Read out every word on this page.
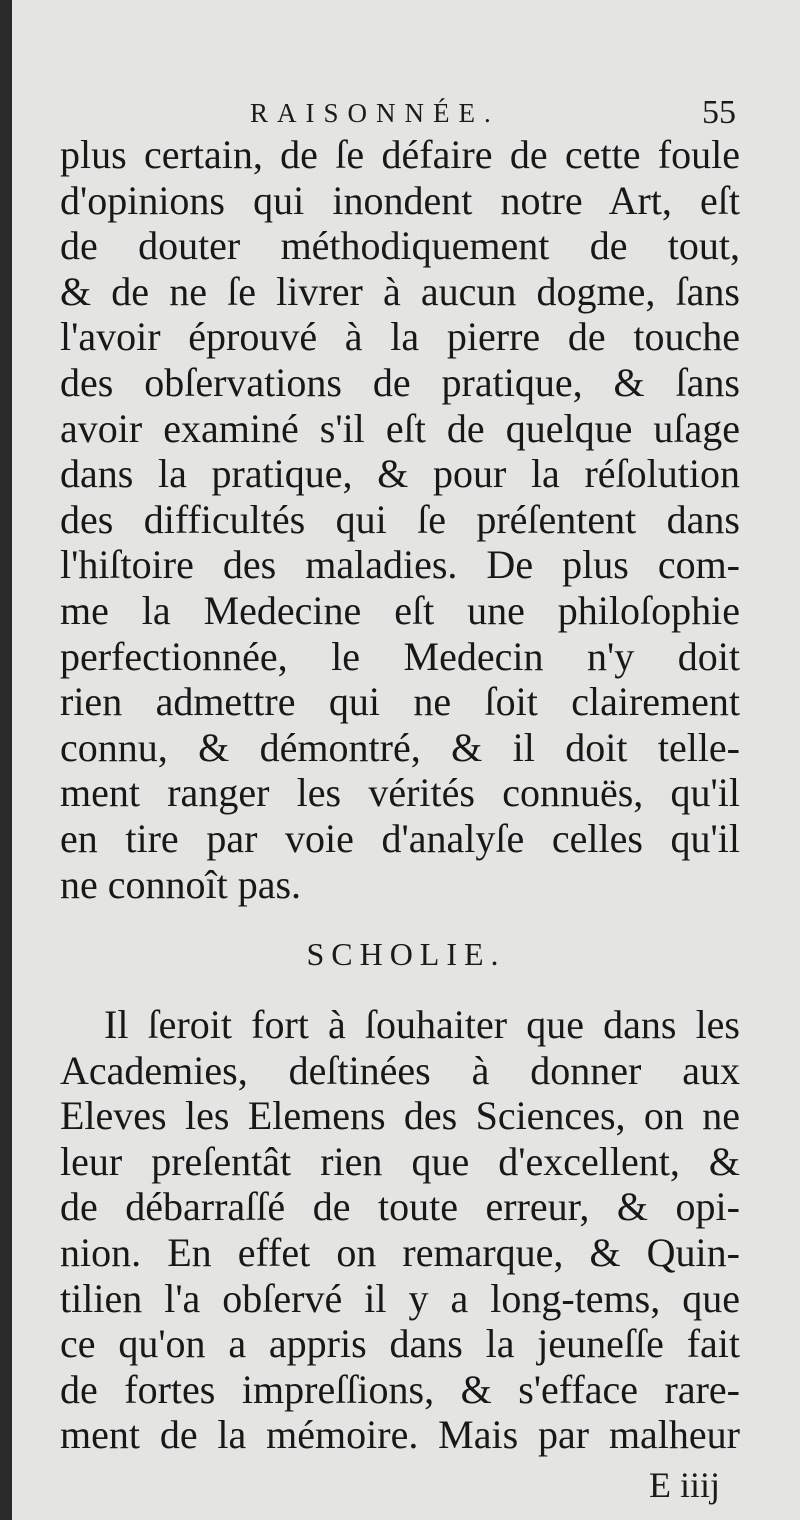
RAISONNÉE.	55
plus certain, de ſe défaire de cette foule
d'opinions qui inondent notre Art, eſt
de douter méthodiquement de tout,
& de ne ſe livrer à aucun dogme, ſans
l'avoir éprouvé à la pierre de touche
des obſervations de pratique, & ſans
avoir examiné s'il eſt de quelque uſage
dans la pratique, & pour la réſolution
des difficultés qui ſe préſentent dans
l'hiſtoire des maladies. De plus com-
me la Medecine eſt une philoſophie
perfectionnée, le Medecin n'y doit
rien admettre qui ne ſoit clairement
connu, & démontré, & il doit telle-
ment ranger les vérités connuës, qu'il
en tire par voie d'analyſe celles qu'il
ne connoît pas.
SCHOLIE.
Il ſeroit fort à ſouhaiter que dans les
Academies, deſtinées à donner aux
Eleves les Elemens des Sciences, on ne
leur preſentât rien que d'excellent, &
de débarraſſé de toute erreur, & opi-
nion. En effet on remarque, & Quin-
tilien l'a obſervé il y a long-tems, que
ce qu'on a appris dans la jeuneſſe fait
de fortes impreſſions, & s'efface rare-
ment de la mémoire. Mais par malheur
E iiij
